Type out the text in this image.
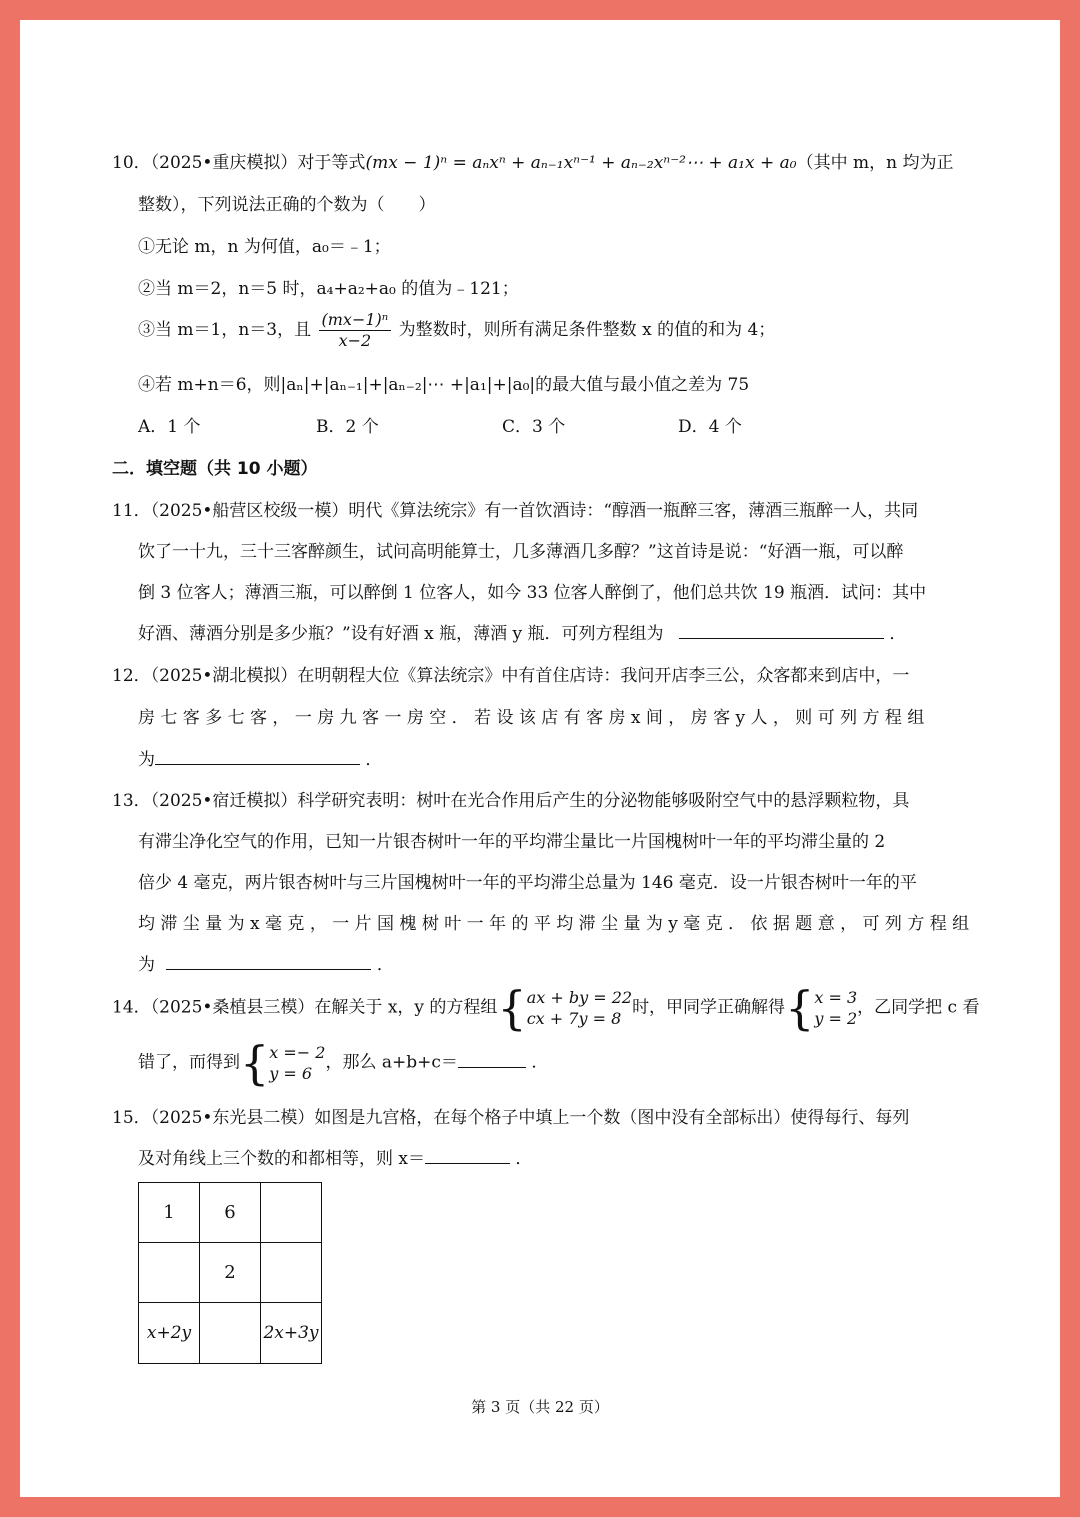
10．（2025•重庆模拟）对于等式(mx − 1)ⁿ = aₙxⁿ + aₙ₋₁xⁿ⁻¹ + aₙ₋₂xⁿ⁻²⋯ + a₁x + a₀（其中 m，n 均为正
整数），下列说法正确的个数为（　　）
①无论 m，n 为何值，a₀＝﹣1；
②当 m＝2，n＝5 时，a₄+a₂+a₀ 的值为﹣121；
③当 m＝1，n＝3，且 $\frac{\text{(mx−1)ⁿ}}{x-2}$ 为整数时，则所有满足条件整数 x 的值的和为 4；
④若 m+n＝6，则|aₙ|+|aₙ₋₁|+|aₙ₋₂|⋯ +|a₁|+|a₀|的最大值与最小值之差为 75
A．1 个	B．2 个	C．3 个	D．4 个
二．填空题（共 10 小题）
11．（2025•船营区校级一模）明代《算法统宗》有一首饮酒诗：“醇酒一瓶醉三客，薄酒三瓶醉一人，共同
饮了一十九，三十三客醉颜生，试问高明能算士，几多薄酒几多醇？”这首诗是说：“好酒一瓶，可以醉
倒 3 位客人；薄酒三瓶，可以醉倒 1 位客人，如今 33 位客人醉倒了，他们总共饮 19 瓶酒．试问：其中
好酒、薄酒分别是多少瓶？”设有好酒 x 瓶，薄酒 y 瓶．可列方程组为	．
12．（2025•湖北模拟）在明朝程大位《算法统宗》中有首住店诗：我问开店李三公，众客都来到店中，一
房 七 客 多 七 客 ， 一 房 九 客 一 房 空 ． 若 设 该 店 有 客 房 x 间 ， 房 客 y 人 ， 则 可 列 方 程 组
为	．
13．（2025•宿迁模拟）科学研究表明：树叶在光合作用后产生的分泌物能够吸附空气中的悬浮颗粒物，具
有滞尘净化空气的作用，已知一片银杏树叶一年的平均滞尘量比一片国槐树叶一年的平均滞尘量的 2
倍少 4 毫克，两片银杏树叶与三片国槐树叶一年的平均滞尘总量为 146 毫克．设一片银杏树叶一年的平
均 滞 尘 量 为 x 毫 克 ， 一 片 国 槐 树 叶 一 年 的 平 均 滞 尘 量 为 y 毫 克 ． 依 据 题 意 ， 可 列 方 程 组
为	．
14．（2025•桑植县三模）在解关于 x，y 的方程组{ ax + by = 22
cx + 7y = 8
时，甲同学正确解得{ x = 3
y = 2
，乙同学把 c 看
错了，而得到{ x =− 2
y = 6
，那么 a+b+c＝	．
15．（2025•东光县二模）如图是九宫格，在每个格子中填上一个数（图中没有全部标出）使得每行、每列
及对角线上三个数的和都相等，则 x＝	．
1	6	
	2	
x+2y		2x+3y
第 3 页（共 22 页）
